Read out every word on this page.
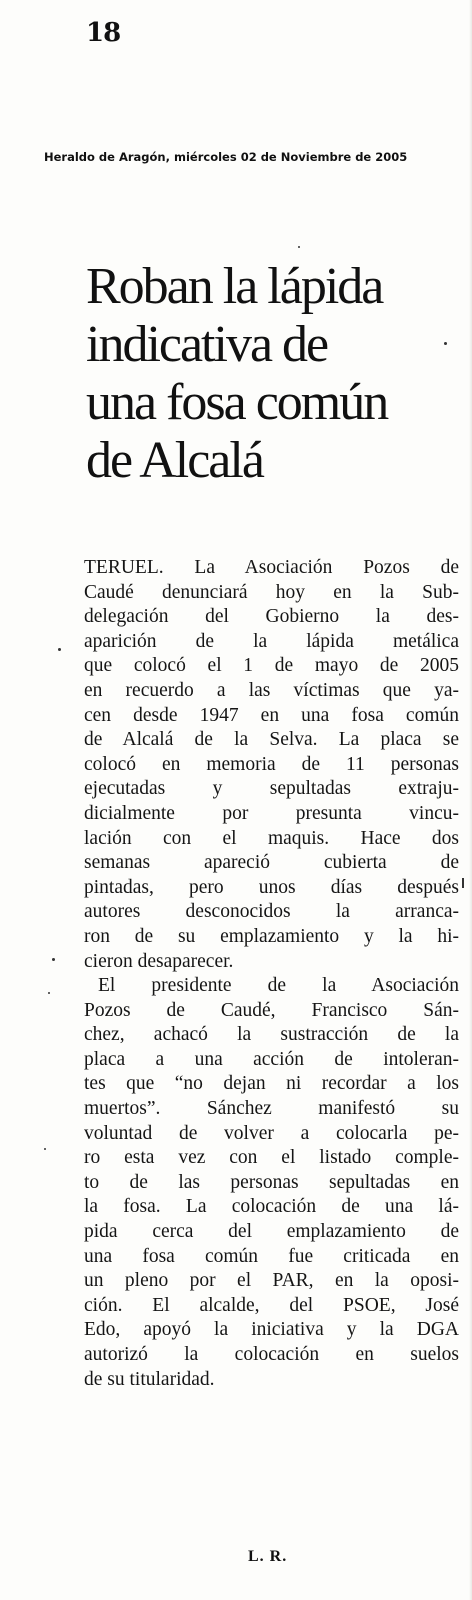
18
Heraldo de Aragón, miércoles 02 de Noviembre de 2005
Roban la lápida
indicativa de
una fosa común
de Alcalá
TERUEL. La Asociación Pozos de
Caudé denunciará hoy en la Sub-
delegación del Gobierno la des-
aparición de la lápida metálica
que colocó el 1 de mayo de 2005
en recuerdo a las víctimas que ya-
cen desde 1947 en una fosa común
de Alcalá de la Selva. La placa se
colocó en memoria de 11 personas
ejecutadas y sepultadas extraju-
dicialmente por presunta vincu-
lación con el maquis. Hace dos
semanas apareció cubierta de
pintadas, pero unos días después
autores desconocidos la arranca-
ron de su emplazamiento y la hi-
cieron desaparecer.
El presidente de la Asociación
Pozos de Caudé, Francisco Sán-
chez, achacó la sustracción de la
placa a una acción de intoleran-
tes que “no dejan ni recordar a los
muertos”. Sánchez manifestó su
voluntad de volver a colocarla pe-
ro esta vez con el listado comple-
to de las personas sepultadas en
la fosa. La colocación de una lá-
pida cerca del emplazamiento de
una fosa común fue criticada en
un pleno por el PAR, en la oposi-
ción. El alcalde, del PSOE, José
Edo, apoyó la iniciativa y la DGA
autorizó la colocación en suelos
de su titularidad.
L. R.
